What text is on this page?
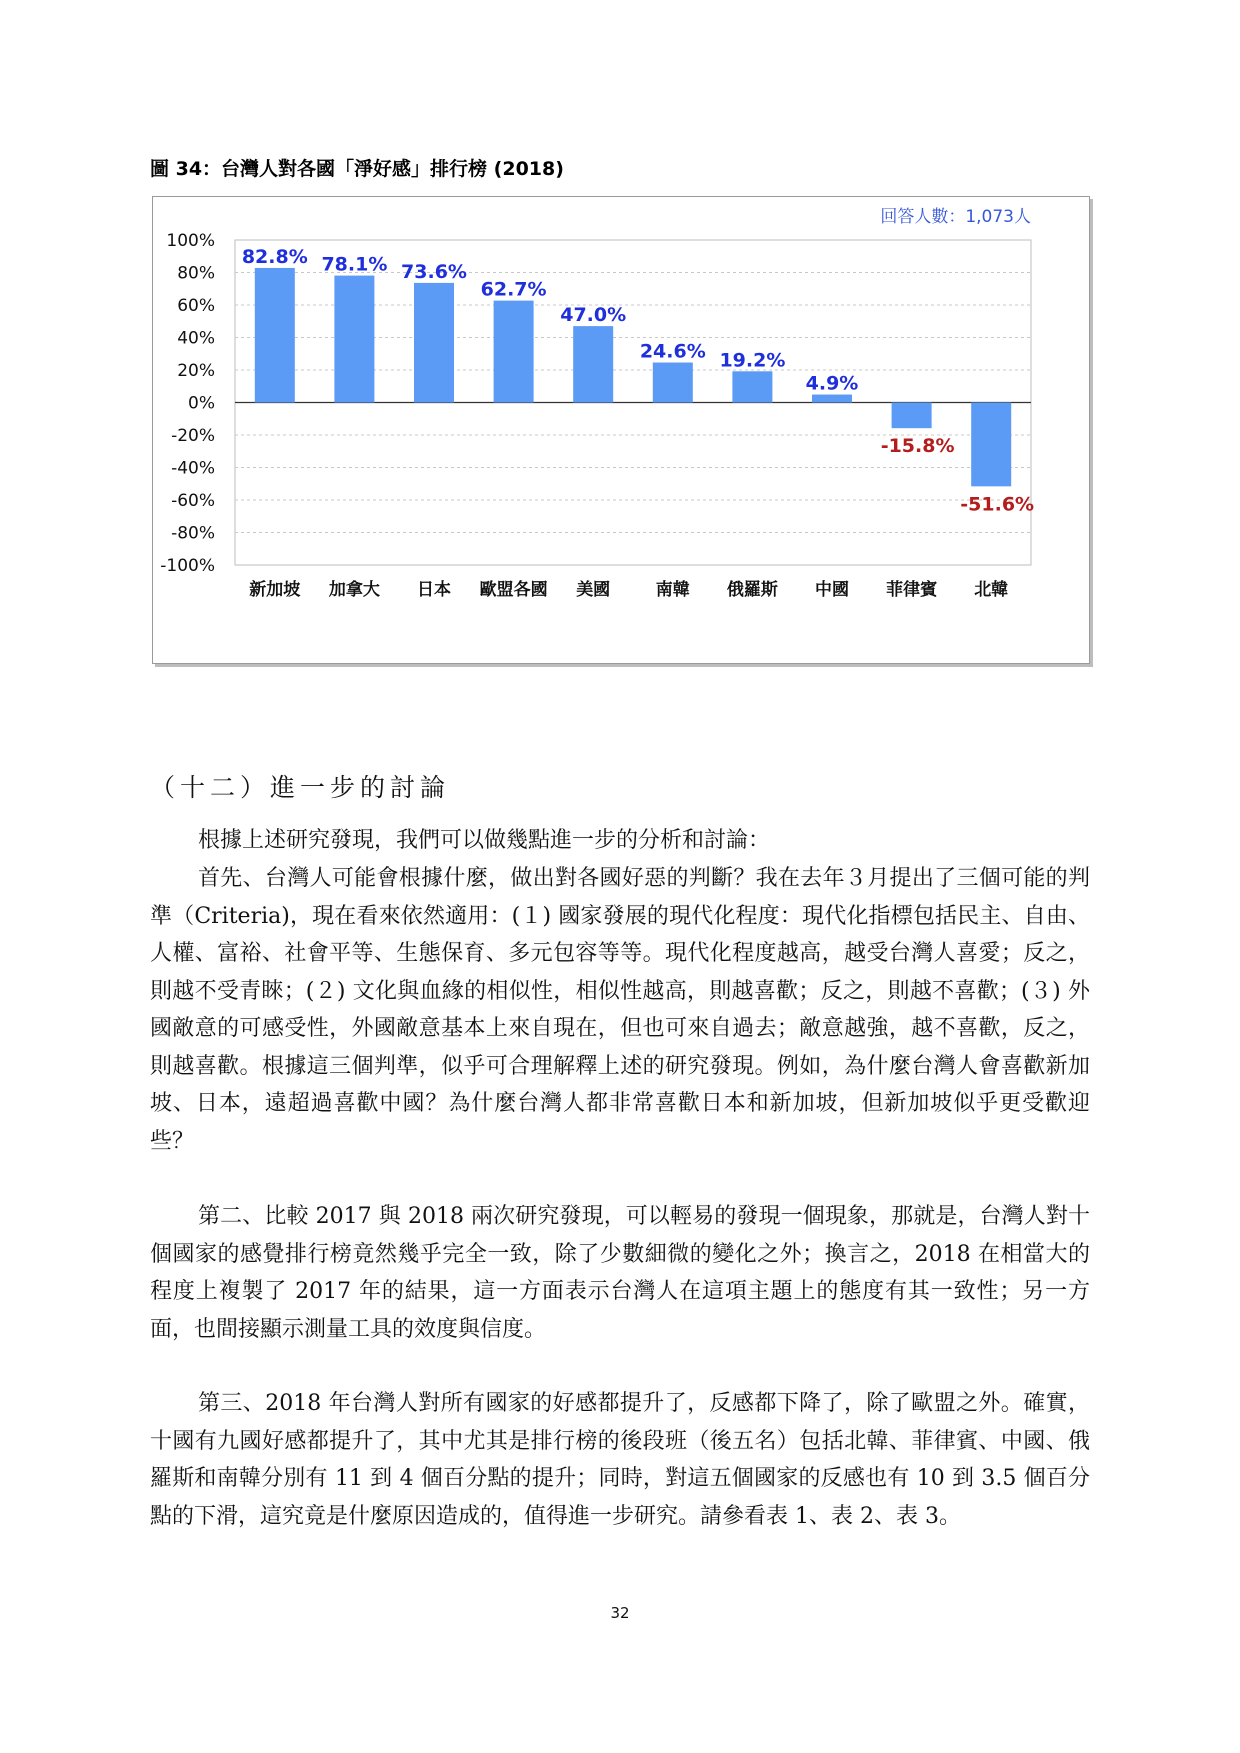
圖 34：台灣人對各國「淨好感」排行榜 (2018)
100%
80%
60%
40%
20%
0%
-20%
-40%
-60%
-80%
-100%
82.8%
新加坡
78.1%
加拿大
73.6%
日本
62.7%
歐盟各國
47.0%
美國
24.6%
南韓
19.2%
俄羅斯
4.9%
中國
-15.8%
菲律賓
-51.6%
北韓
回答人數：1,073人
（十二）進一步的討論

根據上述研究發現，我們可以做幾點進一步的分析和討論：

首先、台灣人可能會根據什麼，做出對各國好惡的判斷？我在去年３月提出了三個可能的判準（Criteria)，現在看來依然適用：(１) 國家發展的現代化程度：現代化指標包括民主、自由、人權、富裕、社會平等、生態保育、多元包容等等。現代化程度越高，越受台灣人喜愛；反之，則越不受青睞；(２) 文化與血緣的相似性，相似性越高，則越喜歡；反之，則越不喜歡；(３) 外國敵意的可感受性，外國敵意基本上來自現在，但也可來自過去；敵意越強，越不喜歡，反之，則越喜歡。根據這三個判準，似乎可合理解釋上述的研究發現。例如，為什麼台灣人會喜歡新加坡、日本，遠超過喜歡中國？為什麼台灣人都非常喜歡日本和新加坡，但新加坡似乎更受歡迎些？

第二、比較 2017 與 2018 兩次研究發現，可以輕易的發現一個現象，那就是，台灣人對十個國家的感覺排行榜竟然幾乎完全一致，除了少數細微的變化之外；換言之，2018 在相當大的程度上複製了 2017 年的結果，這一方面表示台灣人在這項主題上的態度有其一致性；另一方面，也間接顯示測量工具的效度與信度。

第三、2018 年台灣人對所有國家的好感都提升了，反感都下降了，除了歐盟之外。確實，十國有九國好感都提升了，其中尤其是排行榜的後段班（後五名）包括北韓、菲律賓、中國、俄羅斯和南韓分別有 11 到 4 個百分點的提升；同時，對這五個國家的反感也有 10 到 3.5 個百分點的下滑，這究竟是什麼原因造成的，值得進一步研究。請參看表 1、表 2、表 3。

32
